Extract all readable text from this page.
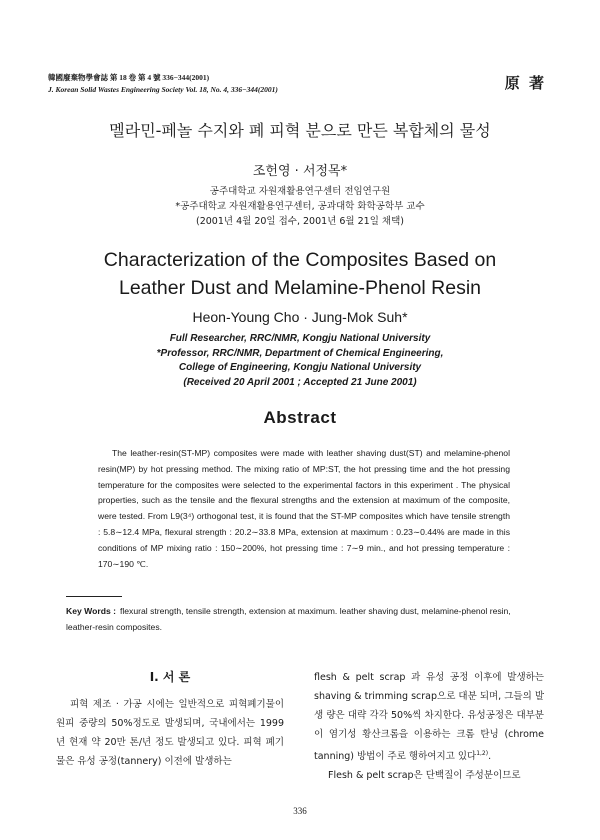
韓國廢棄物學會誌 第 18 卷 第 4 號 336−344(2001)
J. Korean Solid Wastes Engineering Society Vol. 18, No. 4, 336−344(2001)	原 著
멜라민-페놀 수지와 폐 피혁 분으로 만든 복합체의 물성
조헌영 · 서정목*
공주대학교 자원재활용연구센터 전임연구원
*공주대학교 자원재활용연구센터, 공과대학 화학공학부 교수
(2001년 4월 20일 접수, 2001년 6월 21일 채택)
Characterization of the Composites Based on
Leather Dust and Melamine-Phenol Resin
Heon-Young Cho · Jung-Mok Suh*
Full Researcher, RRC/NMR, Kongju National University
*Professor, RRC/NMR, Department of Chemical Engineering,
College of Engineering, Kongju National University
(Received 20 April 2001 ; Accepted 21 June 2001)
Abstract

The leather-resin(ST-MP) composites were made with leather shaving dust(ST) and melamine-phenol resin(MP) by hot pressing method. The mixing ratio of MP:ST, the hot pressing time and the hot pressing temperature for the composites were selected to the experimental factors in this experiment . The physical properties, such as the tensile and the flexural strengths and the extension at maximum of the composite, were tested. From L9(3⁴) orthogonal test, it is found that the ST-MP composites which have tensile strength : 5.8∼12.4 MPa, flexural strength : 20.2∼33.8 MPa, extension at maximum : 0.23∼0.44% are made in this conditions of MP mixing ratio : 150∼200%, hot pressing time : 7∼9 min., and hot pressing temperature : 170∼190 ℃.

Key Words : flexural strength, tensile strength, extension at maximum. leather shaving dust, melamine-phenol resin, leather-resin composites.
Ⅰ. 서 론

피혁 제조 · 가공 시에는 일반적으로 피혁폐기물이 원피 중량의 50%정도로 발생되며, 국내에서는 1999년 현재 약 20만 톤/년 정도 발생되고 있다. 피혁 폐기물은 유성 공정(tannery) 이전에 발생하는

flesh & pelt scrap 과 유성 공정 이후에 발생하는 shaving & trimming scrap으로 대분 되며, 그들의 발생 량은 대략 각각 50%씩 차지한다. 유성공정은 대부분이 염기성 황산크롬을 이용하는 크롬 탄닝 (chrome tanning) 방법이 주로 행하여지고 있다$^{1,2)}$.

Flesh & pelt scrap은 단백질이 주성분이므로

336
